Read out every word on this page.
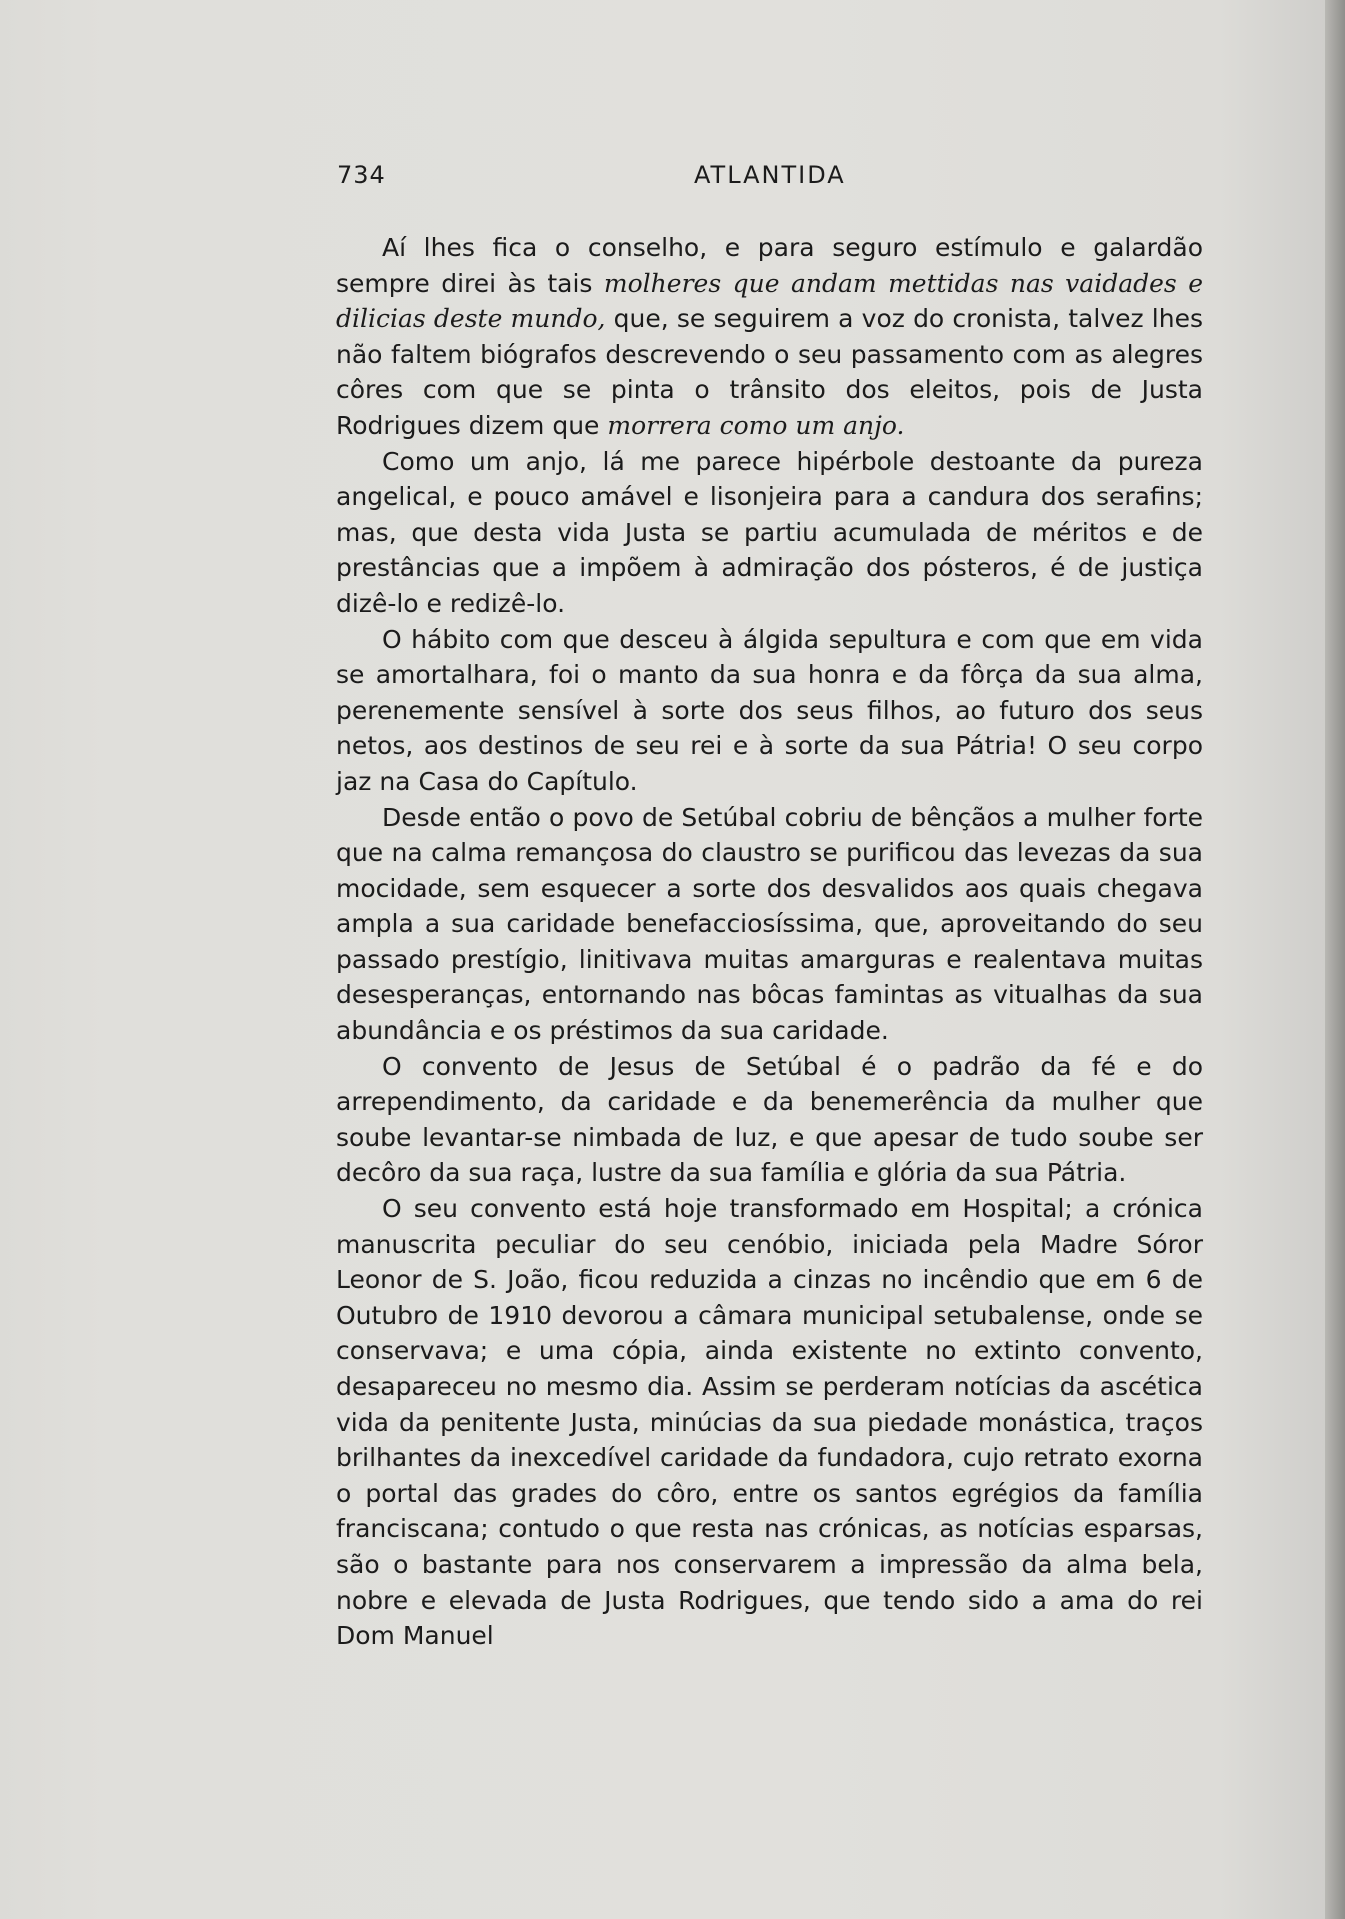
734	ATLANTIDA

Aí lhes fica o conselho, e para seguro estímulo e galardão sempre direi às tais molheres que andam mettidas nas vaidades e dilicias deste mundo, que, se seguirem a voz do cronista, talvez lhes não faltem biógrafos descrevendo o seu passamento com as alegres côres com que se pinta o trânsito dos eleitos, pois de Justa Rodrigues dizem que morrera como um anjo.

Como um anjo, lá me parece hipérbole destoante da pureza angelical, e pouco amável e lisonjeira para a candura dos serafins; mas, que desta vida Justa se partiu acumulada de méritos e de prestâncias que a impõem à admiração dos pósteros, é de justiça dizê-lo e redizê-lo.

O hábito com que desceu à álgida sepultura e com que em vida se amortalhara, foi o manto da sua honra e da fôrça da sua alma, perenemente sensível à sorte dos seus filhos, ao futuro dos seus netos, aos destinos de seu rei e à sorte da sua Pátria! O seu corpo jaz na Casa do Capítulo.

Desde então o povo de Setúbal cobriu de bênçãos a mulher forte que na calma remançosa do claustro se purificou das levezas da sua mocidade, sem esquecer a sorte dos desvalidos aos quais chegava ampla a sua caridade benefacciosíssima, que, aproveitando do seu passado prestígio, linitivava muitas amarguras e realentava muitas desesperanças, entornando nas bôcas famintas as vitualhas da sua abundância e os préstimos da sua caridade.

O convento de Jesus de Setúbal é o padrão da fé e do arrependimento, da caridade e da benemerência da mulher que soube levantar-se nimbada de luz, e que apesar de tudo soube ser decôro da sua raça, lustre da sua família e glória da sua Pátria.

O seu convento está hoje transformado em Hospital; a crónica manuscrita peculiar do seu cenóbio, iniciada pela Madre Sóror Leonor de S. João, ficou reduzida a cinzas no incêndio que em 6 de Outubro de 1910 devorou a câmara municipal setubalense, onde se conservava; e uma cópia, ainda existente no extinto convento, desapareceu no mesmo dia. Assim se perderam notícias da ascética vida da penitente Justa, minúcias da sua piedade monástica, traços brilhantes da inexcedível caridade da fundadora, cujo retrato exorna o portal das grades do côro, entre os santos egrégios da família franciscana; contudo o que resta nas crónicas, as notícias esparsas, são o bastante para nos conservarem a impressão da alma bela, nobre e elevada de Justa Rodrigues, que tendo sido a ama do rei Dom Manuel
